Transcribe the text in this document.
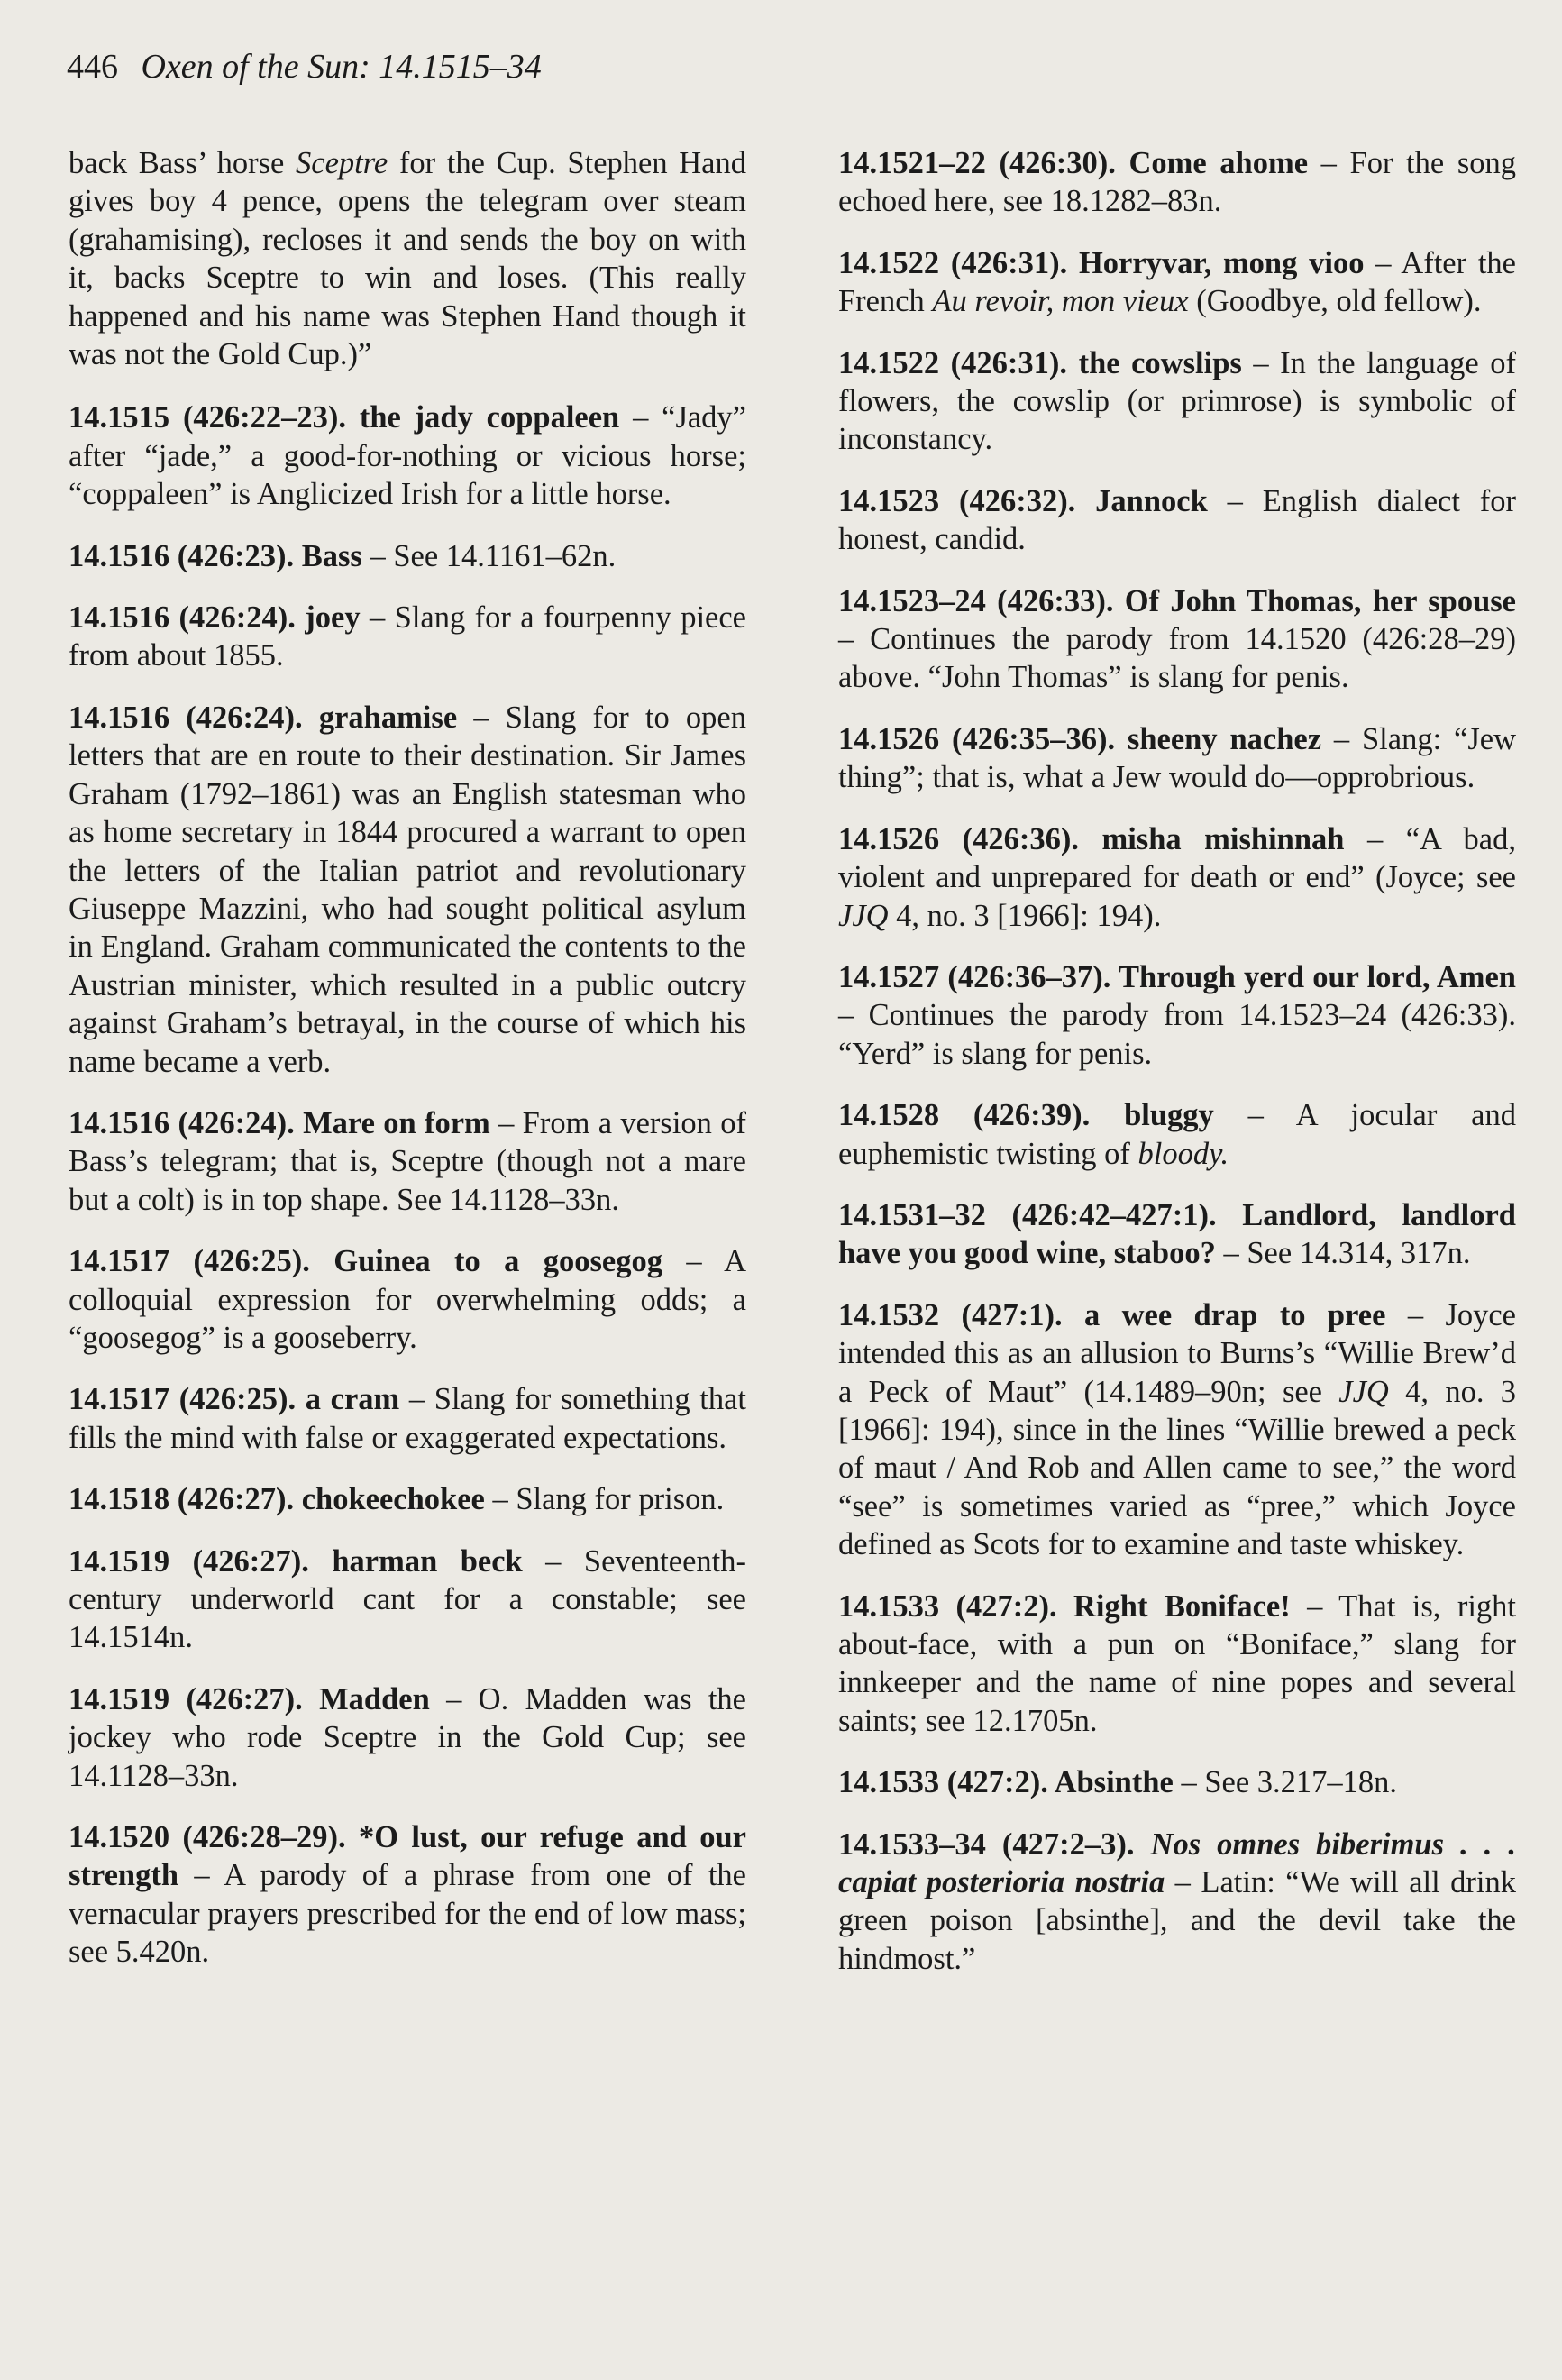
446 Oxen of the Sun: 14.1515–34

back Bass’ horse Sceptre for the Cup. Stephen Hand gives boy 4 pence, opens the telegram over steam (grahamising), recloses it and sends the boy on with it, backs Sceptre to win and loses. (This really happened and his name was Stephen Hand though it was not the Gold Cup.)”

14.1515 (426:22–23). the jady coppaleen – “Jady” after “jade,” a good-for-nothing or vicious horse; “coppaleen” is Anglicized Irish for a little horse.

14.1516 (426:23). Bass – See 14.1161–62n.

14.1516 (426:24). joey – Slang for a fourpenny piece from about 1855.

14.1516 (426:24). grahamise – Slang for to open letters that are en route to their destination. Sir James Graham (1792–1861) was an English statesman who as home secretary in 1844 procured a warrant to open the letters of the Italian patriot and revolutionary Giuseppe Mazzini, who had sought political asylum in England. Graham communicated the contents to the Austrian minister, which resulted in a public outcry against Graham’s betrayal, in the course of which his name became a verb.

14.1516 (426:24). Mare on form – From a version of Bass’s telegram; that is, Sceptre (though not a mare but a colt) is in top shape. See 14.1128–33n.

14.1517 (426:25). Guinea to a goosegog – A colloquial expression for overwhelming odds; a “goosegog” is a gooseberry.

14.1517 (426:25). a cram – Slang for something that fills the mind with false or exaggerated expectations.

14.1518 (426:27). chokeechokee – Slang for prison.

14.1519 (426:27). harman beck – Seventeenth-century underworld cant for a constable; see 14.1514n.

14.1519 (426:27). Madden – O. Madden was the jockey who rode Sceptre in the Gold Cup; see 14.1128–33n.

14.1520 (426:28–29). *O lust, our refuge and our strength – A parody of a phrase from one of the vernacular prayers prescribed for the end of low mass; see 5.420n.

14.1521–22 (426:30). Come ahome – For the song echoed here, see 18.1282–83n.

14.1522 (426:31). Horryvar, mong vioo – After the French Au revoir, mon vieux (Goodbye, old fellow).

14.1522 (426:31). the cowslips – In the language of flowers, the cowslip (or primrose) is symbolic of inconstancy.

14.1523 (426:32). Jannock – English dialect for honest, candid.

14.1523–24 (426:33). Of John Thomas, her spouse – Continues the parody from 14.1520 (426:28–29) above. “John Thomas” is slang for penis.

14.1526 (426:35–36). sheeny nachez – Slang: “Jew thing”; that is, what a Jew would do—opprobrious.

14.1526 (426:36). misha mishinnah – “A bad, violent and unprepared for death or end” (Joyce; see JJQ 4, no. 3 [1966]: 194).

14.1527 (426:36–37). Through yerd our lord, Amen – Continues the parody from 14.1523–24 (426:33). “Yerd” is slang for penis.

14.1528 (426:39). bluggy – A jocular and euphemistic twisting of bloody.

14.1531–32 (426:42–427:1). Landlord, landlord have you good wine, staboo? – See 14.314, 317n.

14.1532 (427:1). a wee drap to pree – Joyce intended this as an allusion to Burns’s “Willie Brew’d a Peck of Maut” (14.1489–90n; see JJQ 4, no. 3 [1966]: 194), since in the lines “Willie brewed a peck of maut / And Rob and Allen came to see,” the word “see” is sometimes varied as “pree,” which Joyce defined as Scots for to examine and taste whiskey.

14.1533 (427:2). Right Boniface! – That is, right about-face, with a pun on “Boniface,” slang for innkeeper and the name of nine popes and several saints; see 12.1705n.

14.1533 (427:2). Absinthe – See 3.217–18n.

14.1533–34 (427:2–3). Nos omnes biberimus . . . capiat posterioria nostria – Latin: “We will all drink green poison [absinthe], and the devil take the hindmost.”
